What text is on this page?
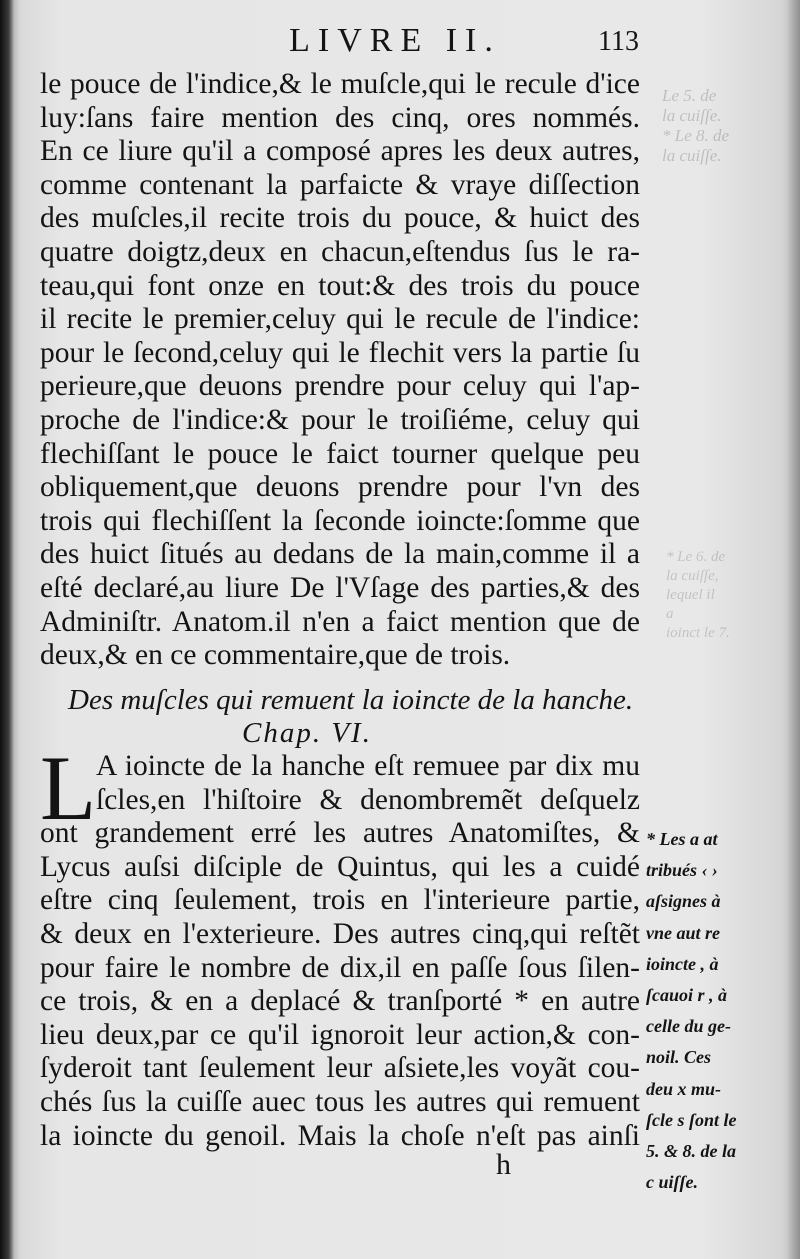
LIVRE II.	113
Le 5. de
la cuiſſe.
* Le 8. de
la cuiſſe.
* Le 6. de
la cuiſſe,
lequel il
a
ioinct le 7.
le pouce de l'indice,& le muſcle,qui le recule d'ice
luy:ſans faire mention des cinq, ores nommés.
En ce liure qu'il a composé apres les deux autres,
comme contenant la parfaicte & vraye diſſection
des muſcles,il recite trois du pouce, & huict des
quatre doigtz,deux en chacun,eſtendus ſus le ra-
teau,qui font onze en tout:& des trois du pouce
il recite le premier,celuy qui le recule de l'indice:
pour le ſecond,celuy qui le flechit vers la partie ſu
perieure,que deuons prendre pour celuy qui l'ap-
proche de l'indice:& pour le troiſiéme, celuy qui
flechiſſant le pouce le faict tourner quelque peu
obliquement,que deuons prendre pour l'vn des
trois qui flechiſſent la ſeconde ioincte:ſomme que
des huict ſitués au dedans de la main,comme il a
eſté declaré,au liure De l'Vſage des parties,& des
Adminiſtr. Anatom.il n'en a faict mention que de
deux,& en ce commentaire,que de trois.
Des muſcles qui remuent la ioincte de la hanche.
Chap. VI.
L A ioincte de la hanche eſt remuee par dix mu
ſcles,en l'hiſtoire & denombremẽt deſquelz
ont grandement erré les autres Anatomiſtes, &
Lycus auſsi diſciple de Quintus, qui les a cuidé
eſtre cinq ſeulement, trois en l'interieure partie,
& deux en l'exterieure. Des autres cinq,qui reſtẽt
pour faire le nombre de dix,il en paſſe ſous ſilen-
ce trois, & en a deplacé & tranſporté * en autre
lieu deux,par ce qu'il ignoroit leur action,& con-
ſyderoit tant ſeulement leur aſsiete,les voyãt cou-
chés ſus la cuiſſe auec tous les autres qui remuent
la ioincte du genoil. Mais la choſe n'eſt pas ainſi
h
* Les a at
tribués ‹ ›
aſsignes à
vne aut re
ioincte , à
ſcauoi r , à
celle du ge-
noil. Ces
deu x mu-
ſcle s ſont le
5. & 8. de la
c uiſſe.
